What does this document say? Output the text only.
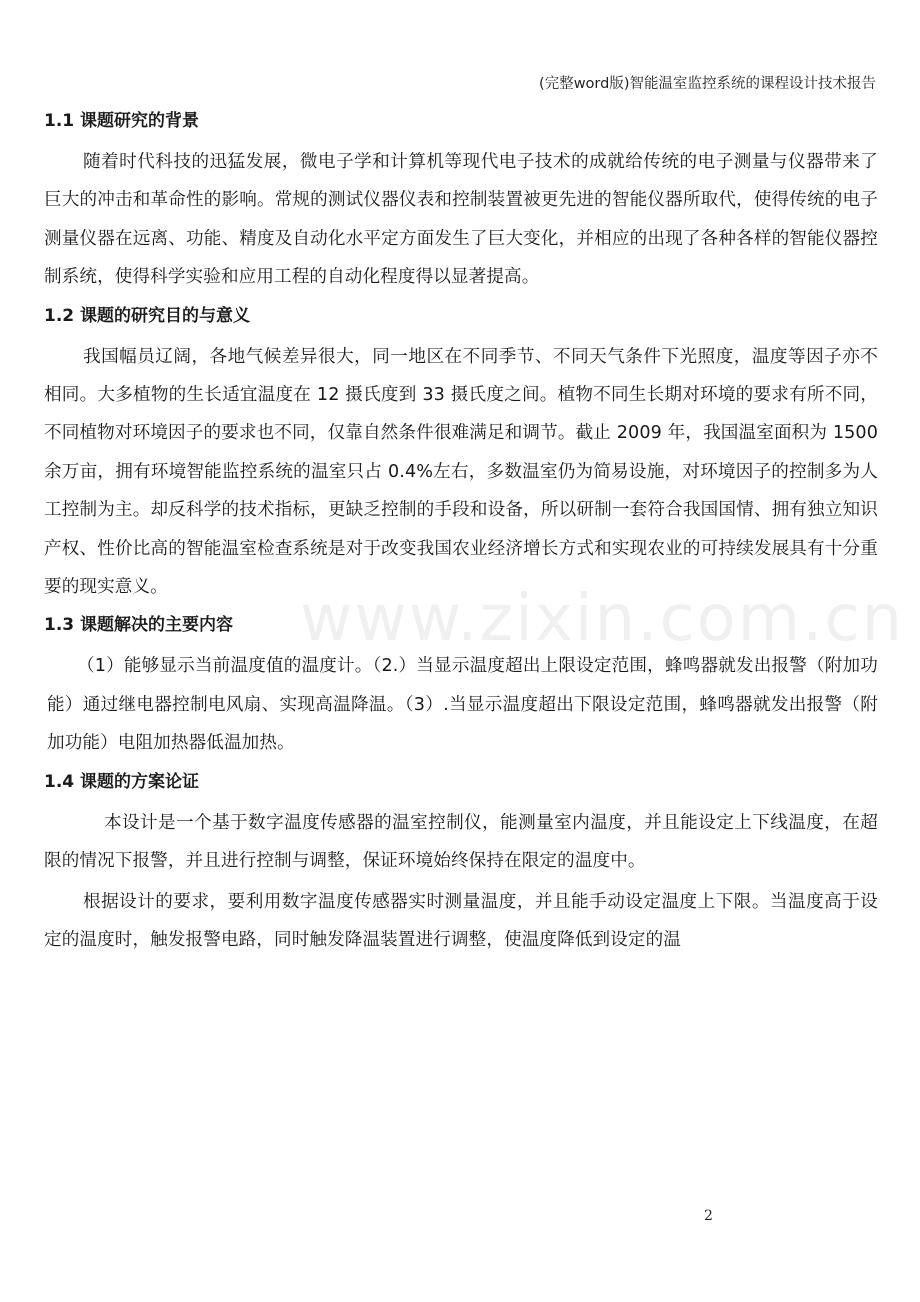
(完整word版)智能温室监控系统的课程设计技术报告
www.zixin.com.cn
1.1 课题研究的背景

随着时代科技的迅猛发展，微电子学和计算机等现代电子技术的成就给传统的电子测量与仪器带来了巨大的冲击和革命性的影响。常规的测试仪器仪表和控制装置被更先进的智能仪器所取代，使得传统的电子测量仪器在远离、功能、精度及自动化水平定方面发生了巨大变化，并相应的出现了各种各样的智能仪器控制系统，使得科学实验和应用工程的自动化程度得以显著提高。

1.2 课题的研究目的与意义

我国幅员辽阔，各地气候差异很大，同一地区在不同季节、不同天气条件下光照度，温度等因子亦不相同。大多植物的生长适宜温度在 12 摄氏度到 33 摄氏度之间。植物不同生长期对环境的要求有所不同，不同植物对环境因子的要求也不同，仅靠自然条件很难满足和调节。截止 2009 年，我国温室面积为 1500 余万亩，拥有环境智能监控系统的温室只占 0.4%左右，多数温室仍为简易设施，对环境因子的控制多为人工控制为主。却反科学的技术指标，更缺乏控制的手段和设备，所以研制一套符合我国国情、拥有独立知识产权、性价比高的智能温室检查系统是对于改变我国农业经济增长方式和实现农业的可持续发展具有十分重要的现实意义。

1.3 课题解决的主要内容

（1）能够显示当前温度值的温度计。（2.）当显示温度超出上限设定范围，蜂鸣器就发出报警（附加功能）通过继电器控制电风扇、实现高温降温。（3）.当显示温度超出下限设定范围，蜂鸣器就发出报警（附加功能）电阻加热器低温加热。

1.4 课题的方案论证

本设计是一个基于数字温度传感器的温室控制仪，能测量室内温度，并且能设定上下线温度，在超限的情况下报警，并且进行控制与调整，保证环境始终保持在限定的温度中。

根据设计的要求，要利用数字温度传感器实时测量温度，并且能手动设定温度上下限。当温度高于设定的温度时，触发报警电路，同时触发降温装置进行调整，使温度降低到设定的温

2
